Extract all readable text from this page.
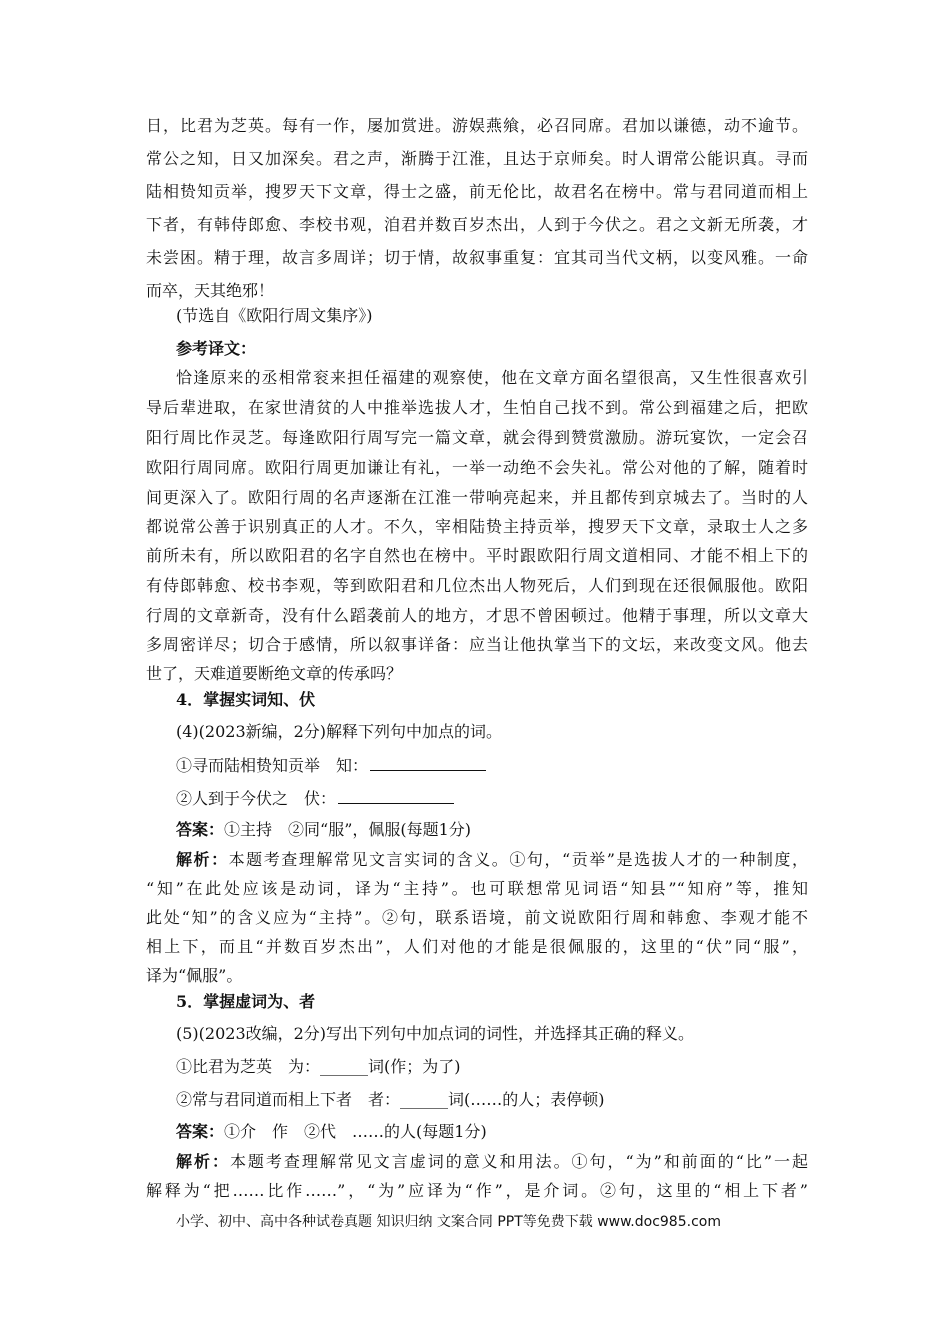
日，比君为芝英。每有一作，屡加赏进。游娱燕飨，必召同席。君加以谦德，动不逾节。
常公之知，日又加深矣。君之声，渐腾于江淮，且达于京师矣。时人谓常公能识真。寻而
陆相贽知贡举，搜罗天下文章，得士之盛，前无伦比，故君名在榜中。常与君同道而相上
下者，有韩侍郎愈、李校书观，洎君并数百岁杰出，人到于今伏之。君之文新无所袭，才
未尝困。精于理，故言多周详；切于情，故叙事重复：宜其司当代文柄，以变风雅。一命
而卒，天其绝邪！
(节选自《欧阳行周文集序》)
参考译文：
恰逢原来的丞相常衮来担任福建的观察使，他在文章方面名望很高，又生性很喜欢引
导后辈进取，在家世清贫的人中推举选拔人才，生怕自己找不到。常公到福建之后，把欧
阳行周比作灵芝。每逢欧阳行周写完一篇文章，就会得到赞赏激励。游玩宴饮，一定会召
欧阳行周同席。欧阳行周更加谦让有礼，一举一动绝不会失礼。常公对他的了解，随着时
间更深入了。欧阳行周的名声逐渐在江淮一带响亮起来，并且都传到京城去了。当时的人
都说常公善于识别真正的人才。不久，宰相陆贽主持贡举，搜罗天下文章，录取士人之多
前所未有，所以欧阳君的名字自然也在榜中。平时跟欧阳行周文道相同、才能不相上下的
有侍郎韩愈、校书李观，等到欧阳君和几位杰出人物死后，人们到现在还很佩服他。欧阳
行周的文章新奇，没有什么蹈袭前人的地方，才思不曾困顿过。他精于事理，所以文章大
多周密详尽；切合于感情，所以叙事详备：应当让他执掌当下的文坛，来改变文风。他去
世了，天难道要断绝文章的传承吗？
4．掌握实词知、伏
(4)(2023新编，2分)解释下列句中加点的词。
①寻而陆相贽知贡举　知：
②人到于今伏之　伏：
答案：①主持　②同“服”，佩服(每题1分)
解析：本题考查理解常见文言实词的含义。①句，“贡举”是选拔人才的一种制度，
“知”在此处应该是动词，译为“主持”。也可联想常见词语“知县”“知府”等，推知
此处“知”的含义应为“主持”。②句，联系语境，前文说欧阳行周和韩愈、李观才能不
相上下，而且“并数百岁杰出”，人们对他的才能是很佩服的，这里的“伏”同“服”，
译为“佩服”。
5．掌握虚词为、者
(5)(2023改编，2分)写出下列句中加点词的词性，并选择其正确的释义。
①比君为芝英　为：______词(作；为了)
②常与君同道而相上下者　者：______词(……的人；表停顿)
答案：①介　作　②代　……的人(每题1分)
解析：本题考查理解常见文言虚词的意义和用法。①句，“为”和前面的“比”一起
解释为“把……比作……”，“为”应译为“作”，是介词。②句，这里的“相上下者”
小学、初中、高中各种试卷真题 知识归纳 文案合同 PPT等免费下载 www.doc985.com
